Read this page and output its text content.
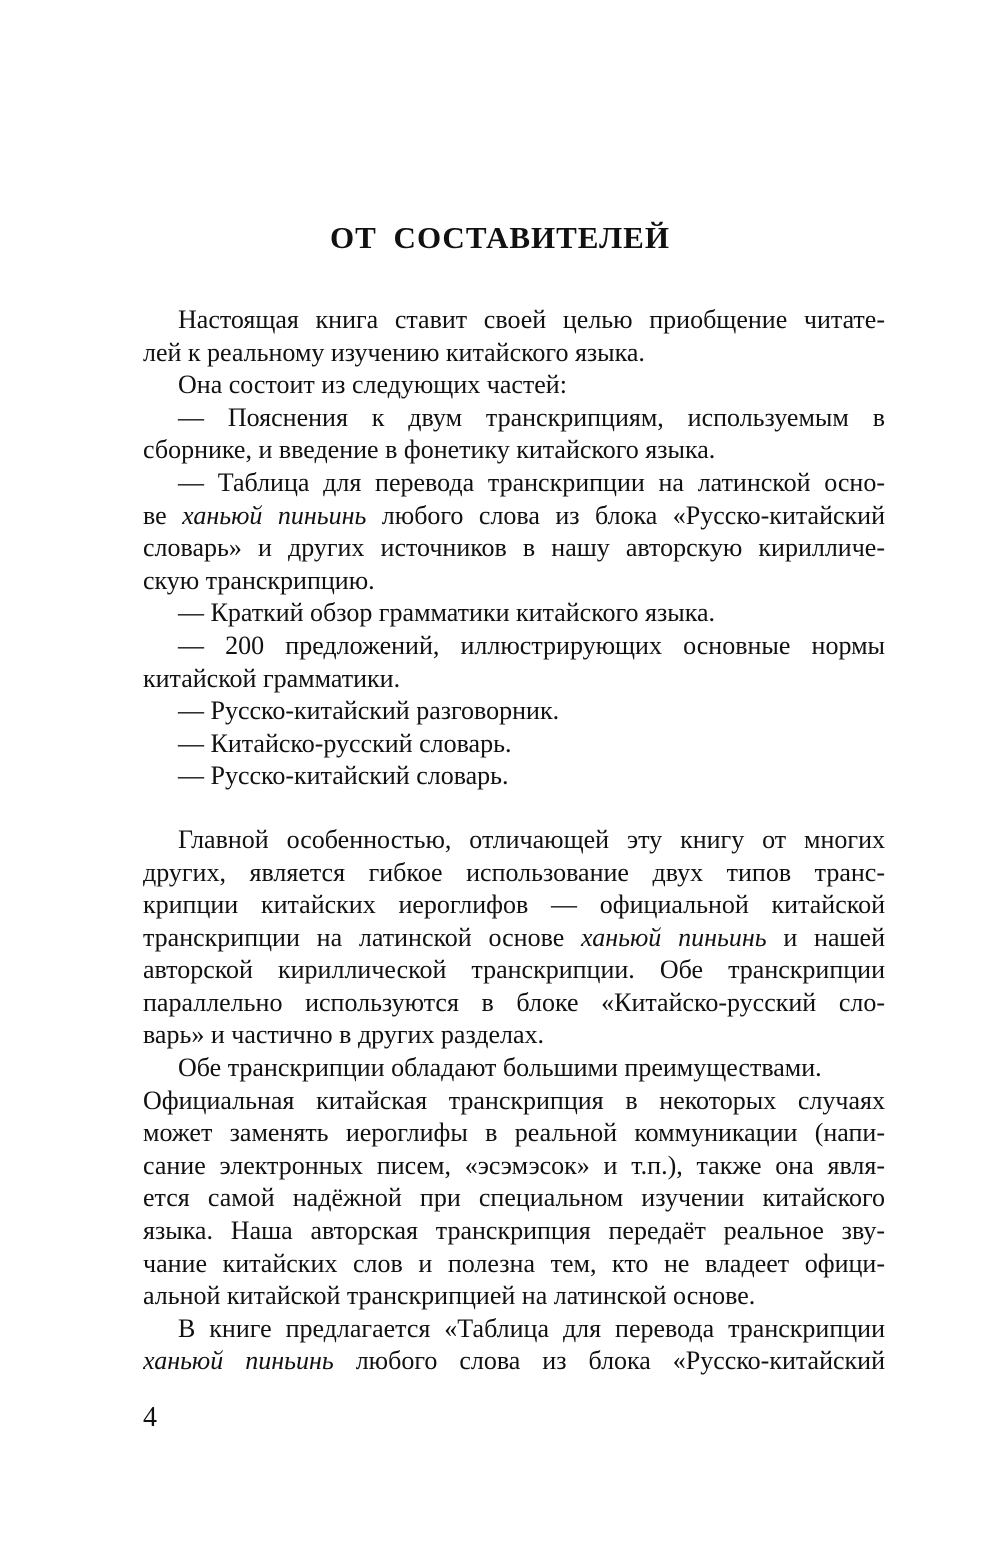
ОТ СОСТАВИТЕЛЕЙ
Настоящая книга ставит своей целью приобщение читате-
лей к реальному изучению китайского языка.
Она состоит из следующих частей:
— Пояснения к двум транскрипциям, используемым в
сборнике, и введение в фонетику китайского языка.
— Таблица для перевода транскрипции на латинской осно-
ве ханьюй пиньинь любого слова из блока «Русско-китайский
словарь» и других источников в нашу авторскую кирилличе-
скую транскрипцию.
— Краткий обзор грамматики китайского языка.
— 200 предложений, иллюстрирующих основные нормы
китайской грамматики.
— Русско-китайский разговорник.
— Китайско-русский словарь.
— Русско-китайский словарь.
Главной особенностью, отличающей эту книгу от многих
других, является гибкое использование двух типов транс-
крипции китайских иероглифов — официальной китайской
транскрипции на латинской основе ханьюй пиньинь и нашей
авторской кириллической транскрипции. Обе транскрипции
параллельно используются в блоке «Китайско-русский сло-
варь» и частично в других разделах.
Обе транскрипции обладают большими преимуществами.
Официальная китайская транскрипция в некоторых случаях
может заменять иероглифы в реальной коммуникации (напи-
сание электронных писем, «эсэмэсок» и т.п.), также она явля-
ется самой надёжной при специальном изучении китайского
языка. Наша авторская транскрипция передаёт реальное зву-
чание китайских слов и полезна тем, кто не владеет офици-
альной китайской транскрипцией на латинской основе.
В книге предлагается «Таблица для перевода транскрипции
ханьюй пиньинь любого слова из блока «Русско-китайский
4
